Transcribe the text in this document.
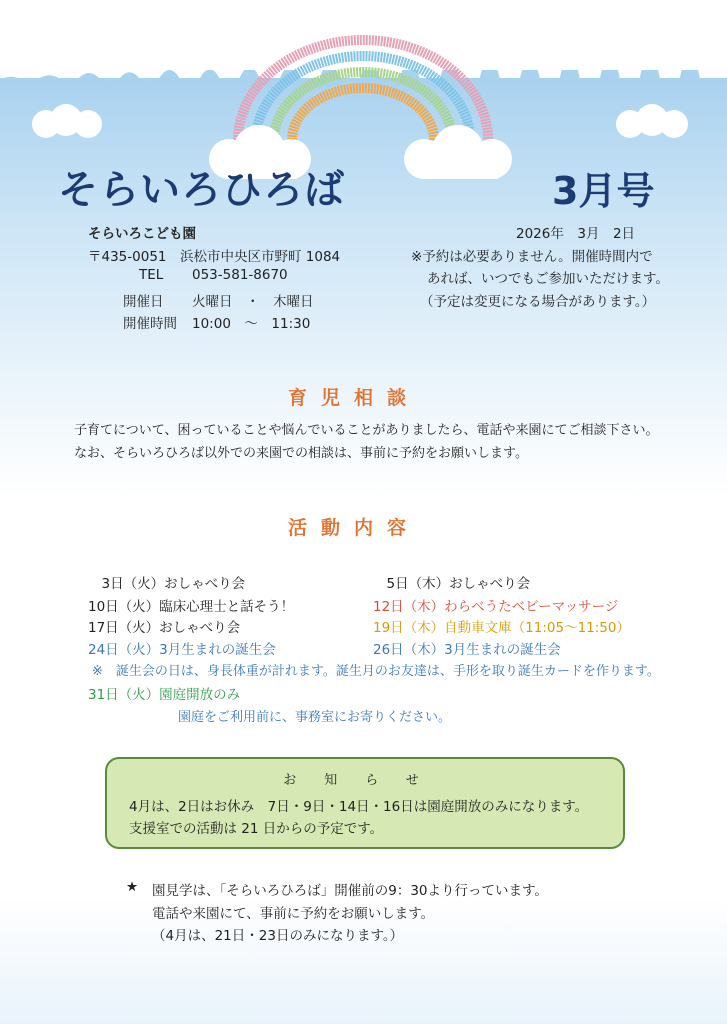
そらいろひろば	3月号
そらいろこども園	2026年　3月　2日
〒435-0051　浜松市中央区市野町 1084
TEL 053-581-8670
開催日 火曜日　・　木曜日
開催時間 10:00　～　11:30
※予約は必要ありません。開催時間内で
あれば、いつでもご参加いただけます。
（予定は変更になる場合があります。）
育児相談
子育てについて、困っていることや悩んでいることがありましたら、電話や来園にてご相談下さい。
なお、そらいろひろば以外での来園での相談は、事前に予約をお願いします。
活動内容
　3日（火）おしゃべり会
10日（火）臨床心理士と話そう！
17日（火）おしゃべり会
24日（火）3月生まれの誕生会
　5日（木）おしゃべり会
12日（木）わらべうたベビーマッサージ
19日（木）自動車文庫（11:05～11:50）
26日（木）3月生まれの誕生会
※　誕生会の日は、身長体重が計れます。誕生月のお友達は、手形を取り誕生カードを作ります。
31日（火）園庭開放のみ
園庭をご利用前に、事務室にお寄りください。
お知らせ
4月は、2日はお休み　7日・9日・14日・16日は園庭開放のみになります。
支援室での活動は 21 日からの予定です。
★ 園見学は、「そらいろひろば」開催前の9：30より行っています。
電話や来園にて、事前に予約をお願いします。
（4月は、21日・23日のみになります。）
